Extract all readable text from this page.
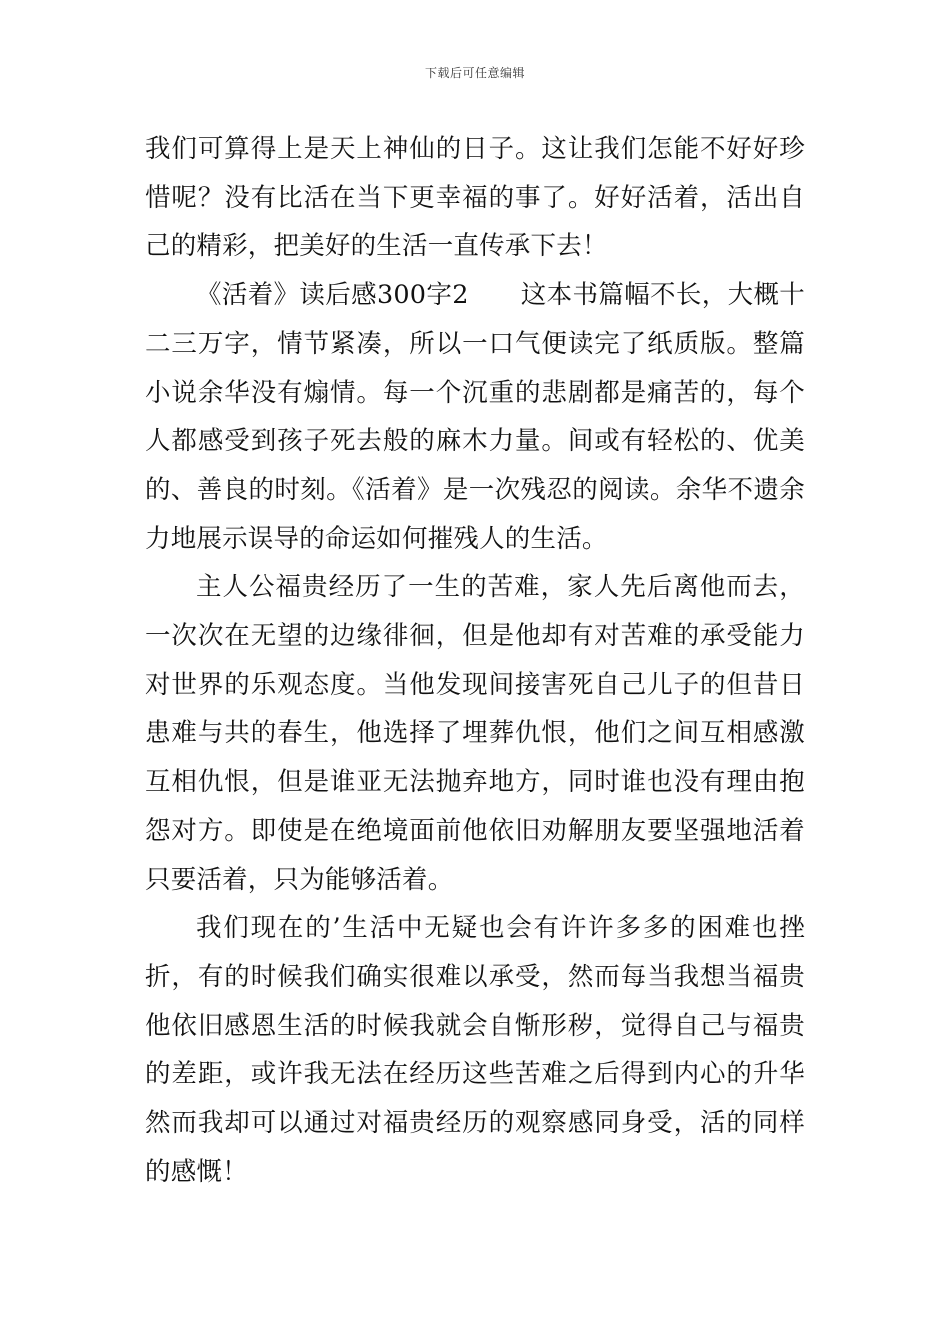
下载后可任意编辑

我们可算得上是天上神仙的日子。这让我们怎能不好好珍惜呢？没有比活在当下更幸福的事了。好好活着，活出自己的精彩，把美好的生活一直传承下去！

《活着》读后感300字2 这本书篇幅不长，大概十二三万字，情节紧凑，所以一口气便读完了纸质版。整篇小说余华没有煽情。每一个沉重的悲剧都是痛苦的，每个人都感受到孩子死去般的麻木力量。间或有轻松的、优美的、善良的时刻。《活着》是一次残忍的阅读。余华不遗余力地展示误导的命运如何摧残人的生活。

主人公福贵经历了一生的苦难，家人先后离他而去，一次次在无望的边缘徘徊，但是他却有对苦难的承受能力对世界的乐观态度。当他发现间接害死自己儿子的但昔日患难与共的春生，他选择了埋葬仇恨，他们之间互相感激互相仇恨，但是谁亚无法抛弃地方，同时谁也没有理由抱怨对方。即使是在绝境面前他依旧劝解朋友要坚强地活着只要活着，只为能够活着。

我们现在的’生活中无疑也会有许许多多的困难也挫折，有的时候我们确实很难以承受，然而每当我想当福贵他依旧感恩生活的时候我就会自惭形秽，觉得自己与福贵的差距，或许我无法在经历这些苦难之后得到内心的升华然而我却可以通过对福贵经历的观察感同身受，活的同样的感慨！
